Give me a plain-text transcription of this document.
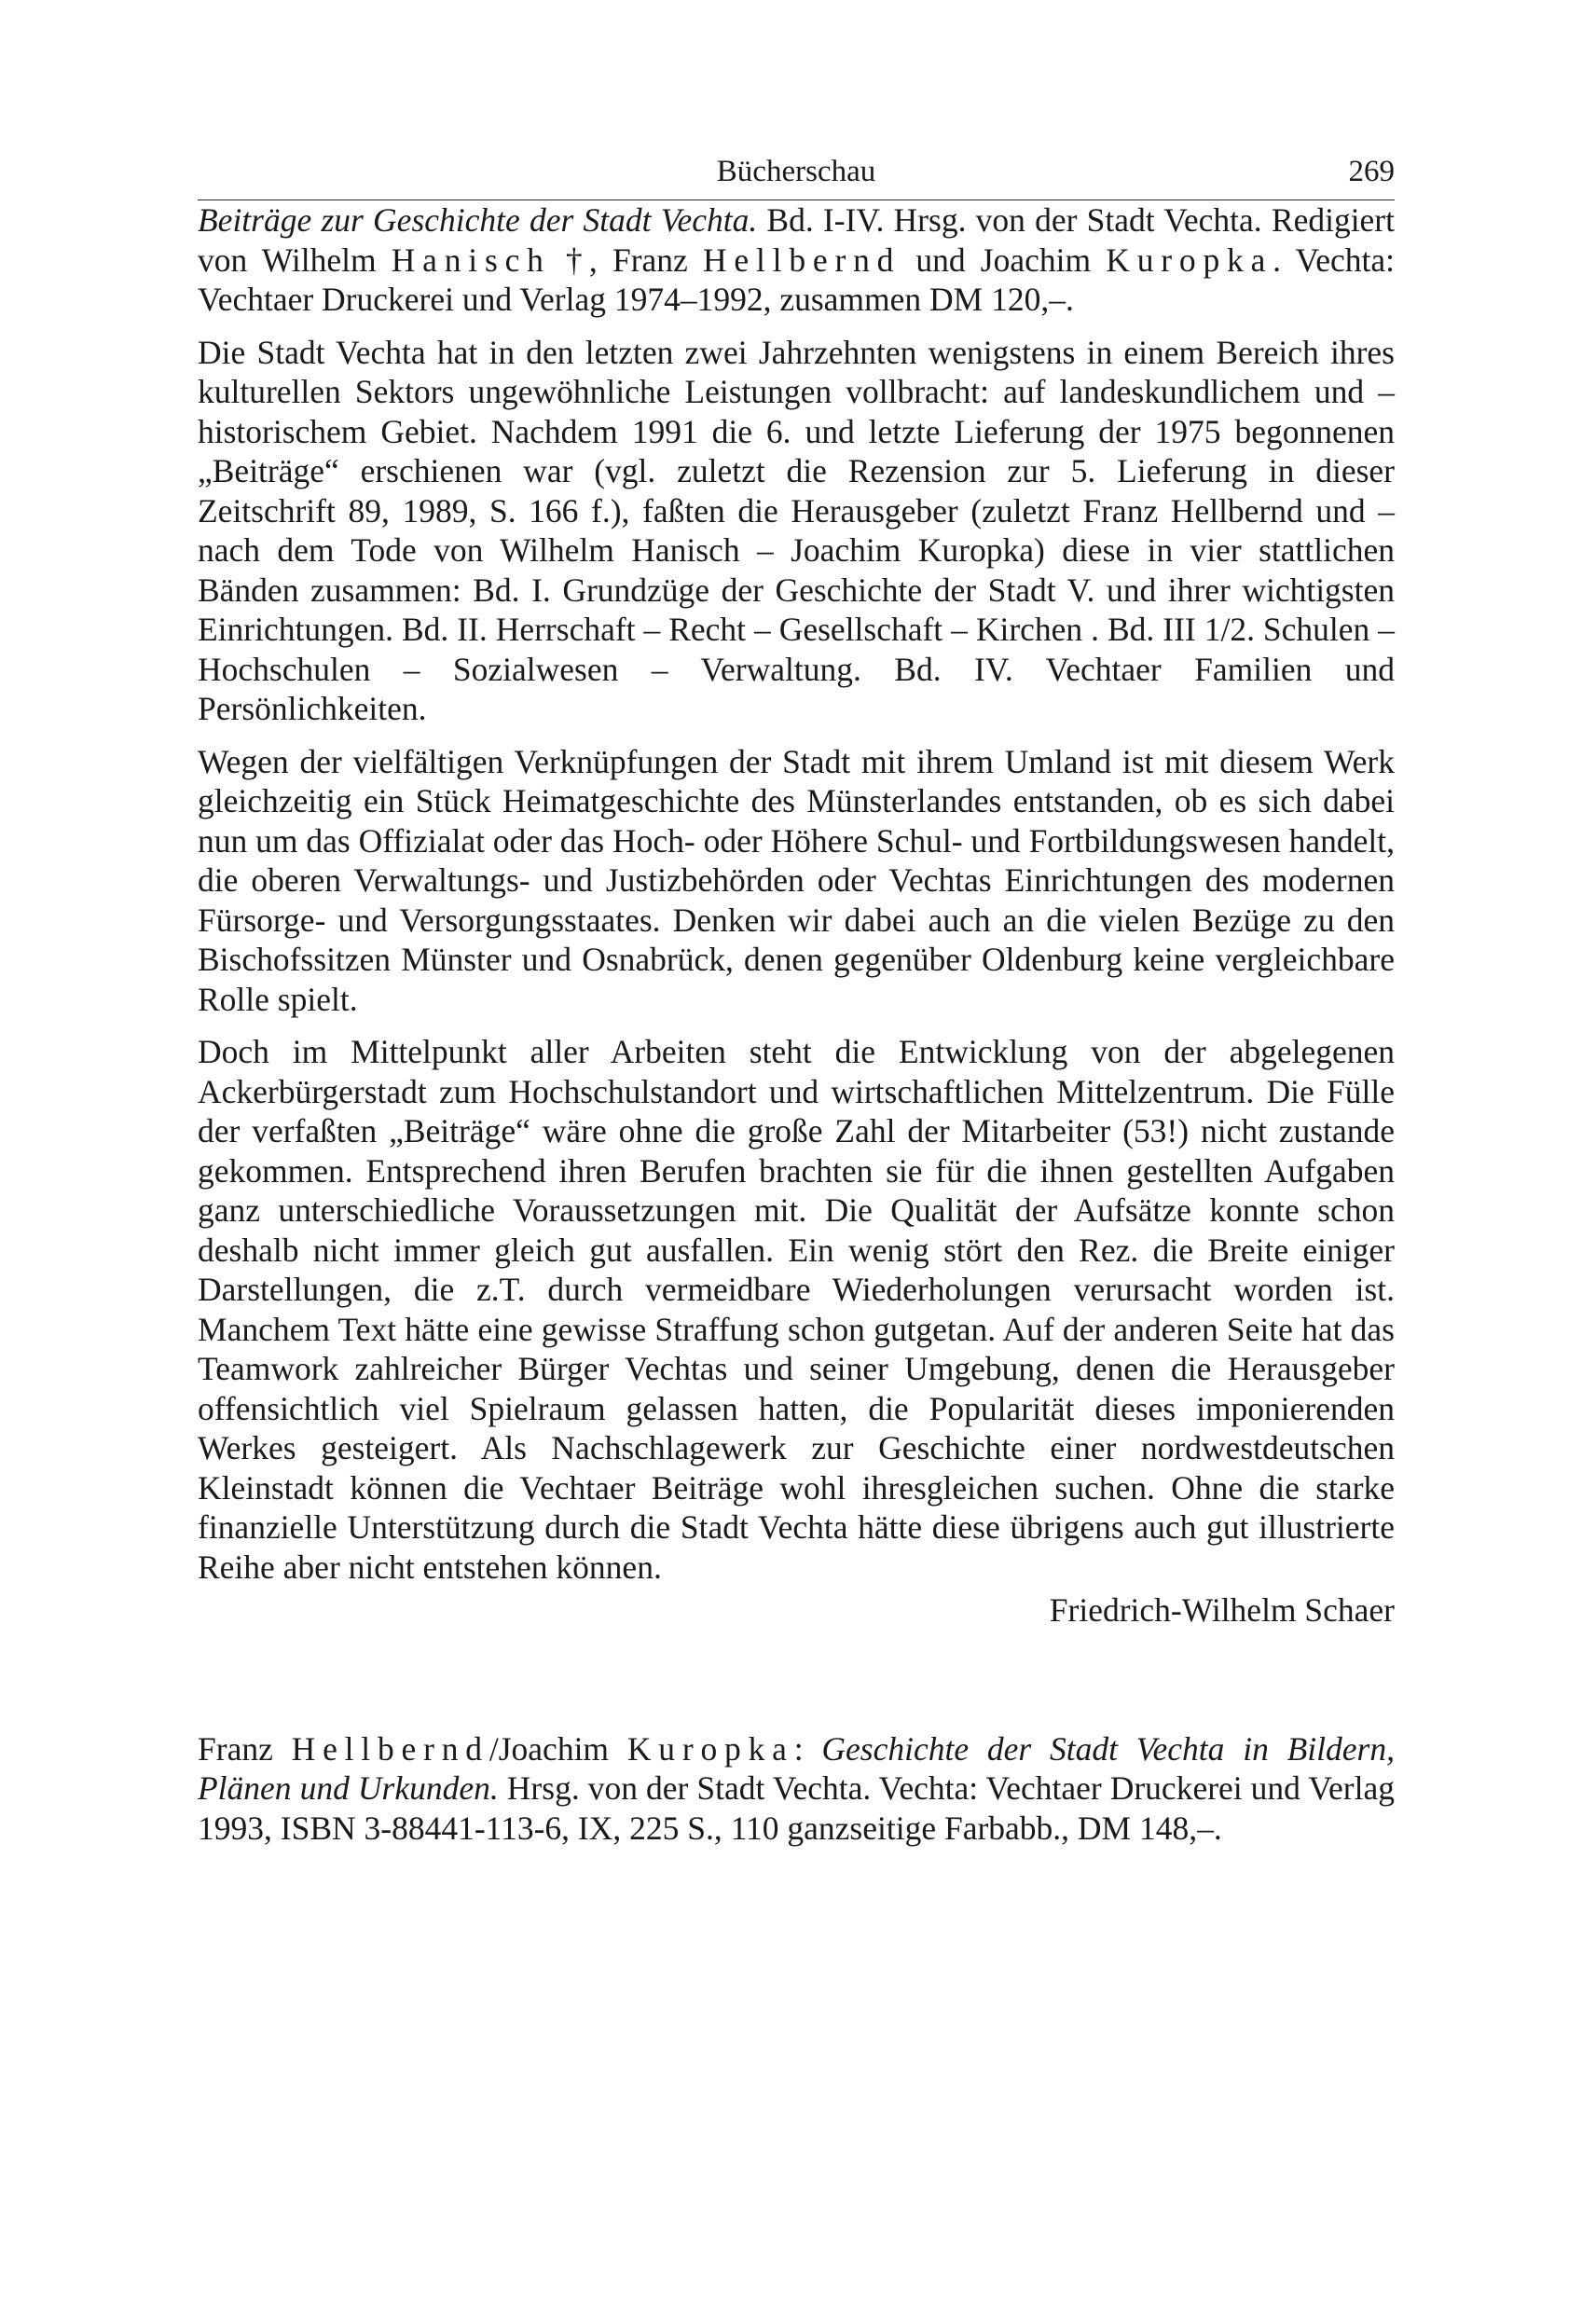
Bücherschau	269

Beiträge zur Geschichte der Stadt Vechta. Bd. I-IV. Hrsg. von der Stadt Vechta. Redigiert von Wilhelm Hanisch †, Franz Hellbernd und Joachim Kuropka. Vechta: Vechtaer Druckerei und Verlag 1974–1992, zusammen DM 120,–.

Die Stadt Vechta hat in den letzten zwei Jahrzehnten wenigstens in einem Bereich ihres kulturellen Sektors ungewöhnliche Leistungen vollbracht: auf landeskundlichem und –historischem Gebiet. Nachdem 1991 die 6. und letzte Lieferung der 1975 begonnenen „Beiträge“ erschienen war (vgl. zuletzt die Rezension zur 5. Lieferung in dieser Zeitschrift 89, 1989, S. 166 f.), faßten die Herausgeber (zuletzt Franz Hellbernd und – nach dem Tode von Wilhelm Hanisch – Joachim Kuropka) diese in vier stattlichen Bänden zusammen: Bd. I. Grundzüge der Geschichte der Stadt V. und ihrer wichtigsten Einrichtungen. Bd. II. Herrschaft – Recht – Gesellschaft – Kirchen . Bd. III 1/2. Schulen – Hochschulen – Sozialwesen – Verwaltung. Bd. IV. Vechtaer Familien und Persönlichkeiten.

Wegen der vielfältigen Verknüpfungen der Stadt mit ihrem Umland ist mit diesem Werk gleichzeitig ein Stück Heimatgeschichte des Münsterlandes entstanden, ob es sich dabei nun um das Offizialat oder das Hoch- oder Höhere Schul- und Fortbildungswesen handelt, die oberen Verwaltungs- und Justizbehörden oder Vechtas Einrichtungen des modernen Fürsorge- und Versorgungsstaates. Denken wir dabei auch an die vielen Bezüge zu den Bischofssitzen Münster und Osnabrück, denen gegenüber Oldenburg keine vergleichbare Rolle spielt.

Doch im Mittelpunkt aller Arbeiten steht die Entwicklung von der abgelegenen Ackerbürgerstadt zum Hochschulstandort und wirtschaftlichen Mittelzentrum. Die Fülle der verfaßten „Beiträge“ wäre ohne die große Zahl der Mitarbeiter (53!) nicht zustande gekommen. Entsprechend ihren Berufen brachten sie für die ihnen gestellten Aufgaben ganz unterschiedliche Voraussetzungen mit. Die Qualität der Aufsätze konnte schon deshalb nicht immer gleich gut ausfallen. Ein wenig stört den Rez. die Breite einiger Darstellungen, die z.T. durch vermeidbare Wiederholungen verursacht worden ist. Manchem Text hätte eine gewisse Straffung schon gutgetan. Auf der anderen Seite hat das Teamwork zahlreicher Bürger Vechtas und seiner Umgebung, denen die Herausgeber offensichtlich viel Spielraum gelassen hatten, die Popularität dieses imponierenden Werkes gesteigert. Als Nachschlagewerk zur Geschichte einer nordwestdeutschen Kleinstadt können die Vechtaer Beiträge wohl ihresgleichen suchen. Ohne die starke finanzielle Unterstützung durch die Stadt Vechta hätte diese übrigens auch gut illustrierte Reihe aber nicht entstehen können.

Friedrich-Wilhelm Schaer

Franz Hellbernd/Joachim Kuropka: Geschichte der Stadt Vechta in Bildern, Plänen und Urkunden. Hrsg. von der Stadt Vechta. Vechta: Vechtaer Druckerei und Verlag 1993, ISBN 3-88441-113-6, IX, 225 S., 110 ganzseitige Farbabb., DM 148,–.
